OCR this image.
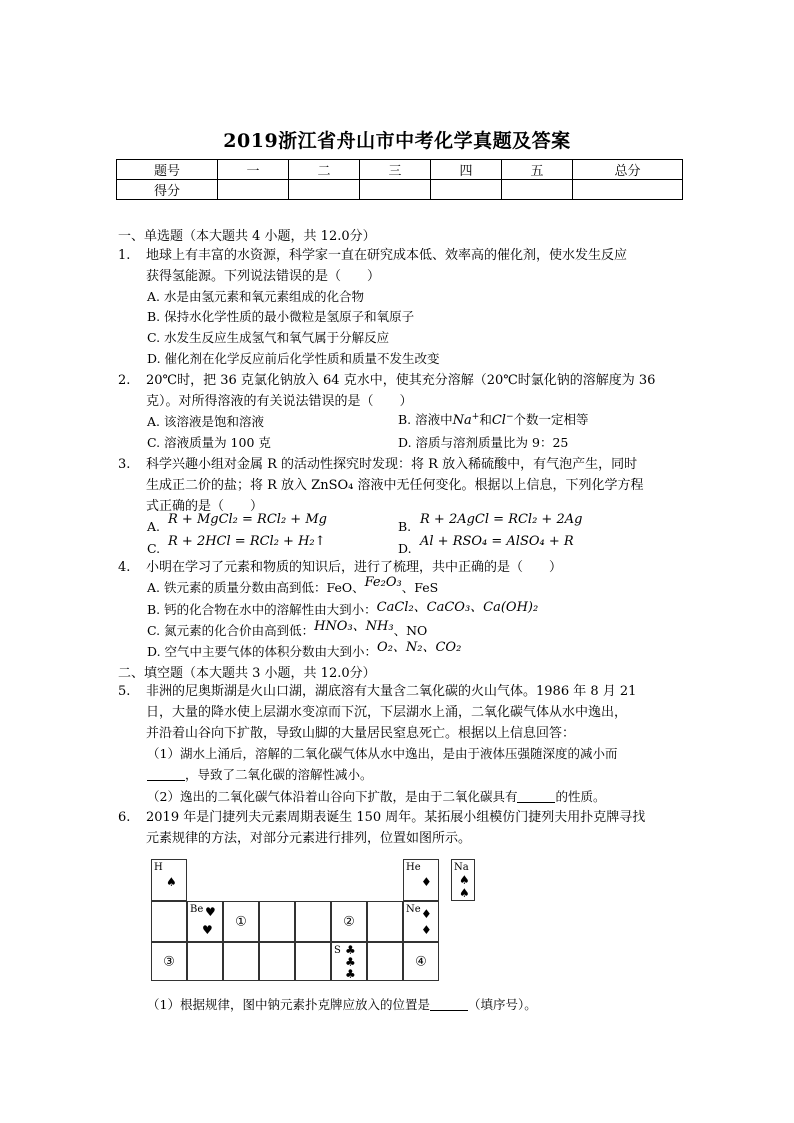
2019浙江省舟山市中考化学真题及答案
题号	一	二	三	四	五	总分
得分						
一、单选题（本大题共 4 小题，共 12.0分）
1. 地球上有丰富的水资源，科学家一直在研究成本低、效率高的催化剂，使水发生反应
获得氢能源。下列说法错误的是（　　）
A. 水是由氢元素和氧元素组成的化合物
B. 保持水化学性质的最小微粒是氢原子和氧原子
C. 水发生反应生成氢气和氧气属于分解反应
D. 催化剂在化学反应前后化学性质和质量不发生改变
2. 20℃时，把 36 克氯化钠放入 64 克水中，使其充分溶解（20℃时氯化钠的溶解度为 36
克）。对所得溶液的有关说法错误的是（　　）
A. 该溶液是饱和溶液	B. 溶液中Na+和Cl−个数一定相等
C. 溶液质量为 100 克	D. 溶质与溶剂质量比为 9：25
3. 科学兴趣小组对金属 R 的活动性探究时发现：将 R 放入稀硫酸中，有气泡产生，同时
生成正二价的盐；将 R 放入 ZnSO₄ 溶液中无任何变化。根据以上信息，下列化学方程
式正确的是（　　）
A. R + MgCl₂ = RCl₂ + Mg	B. R + 2AgCl = RCl₂ + 2Ag
C. R + 2HCl = RCl₂ + H₂↑	D. Al + RSO₄ = AlSO₄ + R
4. 小明在学习了元素和物质的知识后，进行了梳理，共中正确的是（　　）
A. 铁元素的质量分数由高到低：FeO、Fe₂O₃、FeS
B. 钙的化合物在水中的溶解性由大到小：CaCl₂、CaCO₃、Ca(OH)₂
C. 氮元素的化合价由高到低：HNO₃、NH₃、NO
D. 空气中主要气体的体积分数由大到小：O₂、N₂、CO₂
二、填空题（本大题共 3 小题，共 12.0分）
5. 非洲的尼奥斯湖是火山口湖，湖底溶有大量含二氧化碳的火山气体。1986 年 8 月 21
日，大量的降水使上层湖水变凉而下沉，下层湖水上涌，二氧化碳气体从水中逸出，
并沿着山谷向下扩散，导致山脚的大量居民窒息死亡。根据以上信息回答：
（1）湖水上涌后，溶解的二氧化碳气体从水中逸出，是由于液体压强随深度的减小而
，导致了二氧化碳的溶解性减小。
（2）逸出的二氧化碳气体沿着山谷向下扩散，是由于二氧化碳具有	的性质。
6. 2019 年是门捷列夫元素周期表诞生 150 周年。某拓展小组模仿门捷列夫用扑克牌寻找
元素规律的方法，对部分元素进行排列，位置如图所示。
H
♠
He
♦
Na
♠
♠
Be ♥
♥
①	②
Ne ♦
♦
③
S ♣
♣
♣
④
（1）根据规律，图中钠元素扑克牌应放入的位置是	（填序号）。
